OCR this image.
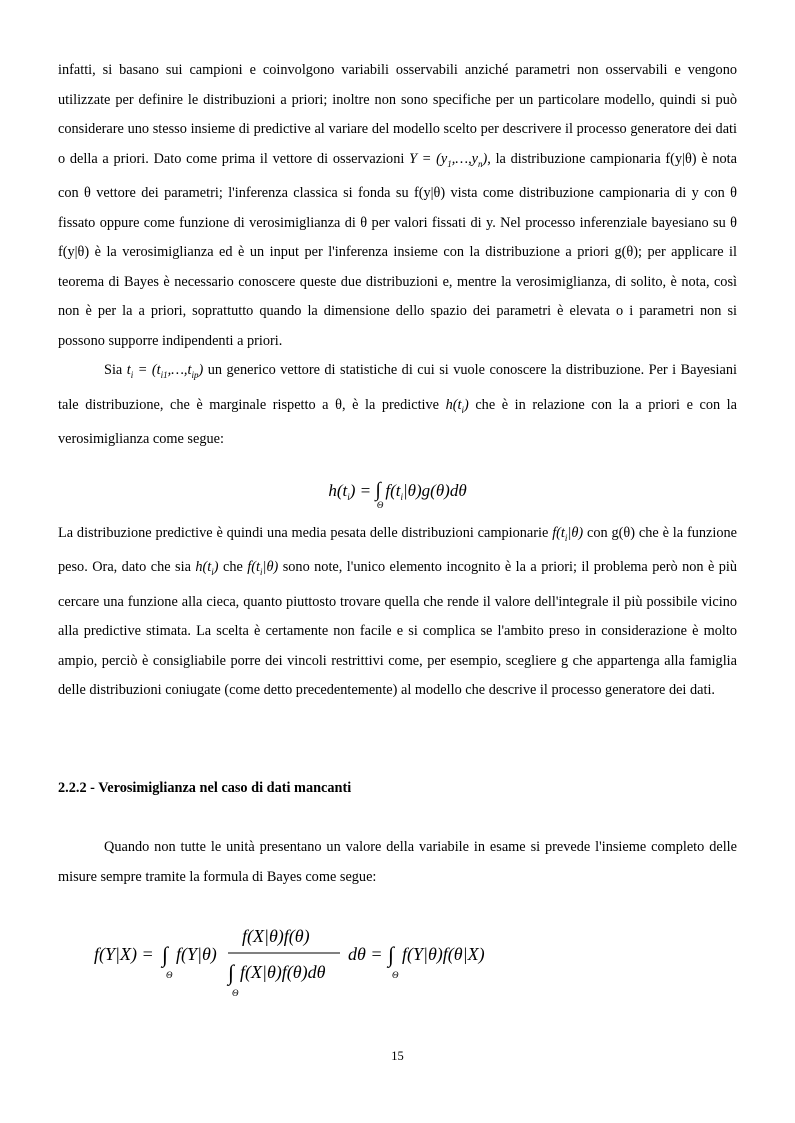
infatti, si basano sui campioni e coinvolgono variabili osservabili anziché parametri non osservabili e vengono utilizzate per definire le distribuzioni a priori; inoltre non sono specifiche per un particolare modello, quindi si può considerare uno stesso insieme di predictive al variare del modello scelto per descrivere il processo generatore dei dati o della a priori. Dato come prima il vettore di osservazioni $Y = (y_1,\dots,y_n)$, la distribuzione campionaria f(y|θ) è nota con θ vettore dei parametri; l'inferenza classica si fonda su f(y|θ) vista come distribuzione campionaria di y con θ fissato oppure come funzione di verosimiglianza di θ per valori fissati di y. Nel processo inferenziale bayesiano su θ f(y|θ) è la verosimiglianza ed è un input per l'inferenza insieme con la distribuzione a priori g(θ); per applicare il teorema di Bayes è necessario conoscere queste due distribuzioni e, mentre la verosimiglianza, di solito, è nota, così non è per la a priori, soprattutto quando la dimensione dello spazio dei parametri è elevata o i parametri non si possono supporre indipendenti a priori.

Sia $t_i$ = $(t_{i1},\dots,t_{ip})$ un generico vettore di statistiche di cui si vuole conoscere la distribuzione. Per i Bayesiani tale distribuzione, che è marginale rispetto a θ, è la predictive $h(t_i)$ che è in relazione con la a priori e con la verosimiglianza come segue:

$h(t_i) = \int_\Theta f(t_i|\theta)g(\theta)d\theta$

La distribuzione predictive è quindi una media pesata delle distribuzioni campionarie $f(t_i|\theta)$ con g(θ) che è la funzione peso. Ora, dato che sia $h(t_i)$ che $f(t_i|\theta)$ sono note, l'unico elemento incognito è la a priori; il problema però non è più cercare una funzione alla cieca, quanto piuttosto trovare quella che rende il valore dell'integrale il più possibile vicino alla predictive stimata. La scelta è certamente non facile e si complica se l'ambito preso in considerazione è molto ampio, perciò è consigliabile porre dei vincoli restrittivi come, per esempio, scegliere g che appartenga alla famiglia delle distribuzioni coniugate (come detto precedentemente) al modello che descrive il processo generatore dei dati.

2.2.2 - Verosimiglianza nel caso di dati mancanti

Quando non tutte le unità presentano un valore della variabile in esame si prevede l'insieme completo delle misure sempre tramite la formula di Bayes come segue:

f(Y|X) = ∫
Θ
f(Y|θ)
f(X|θ)f(θ)
∫
Θ
f(X|θ)f(θ)dθ
dθ = ∫
Θ
f(Y|θ)f(θ|X)
15
